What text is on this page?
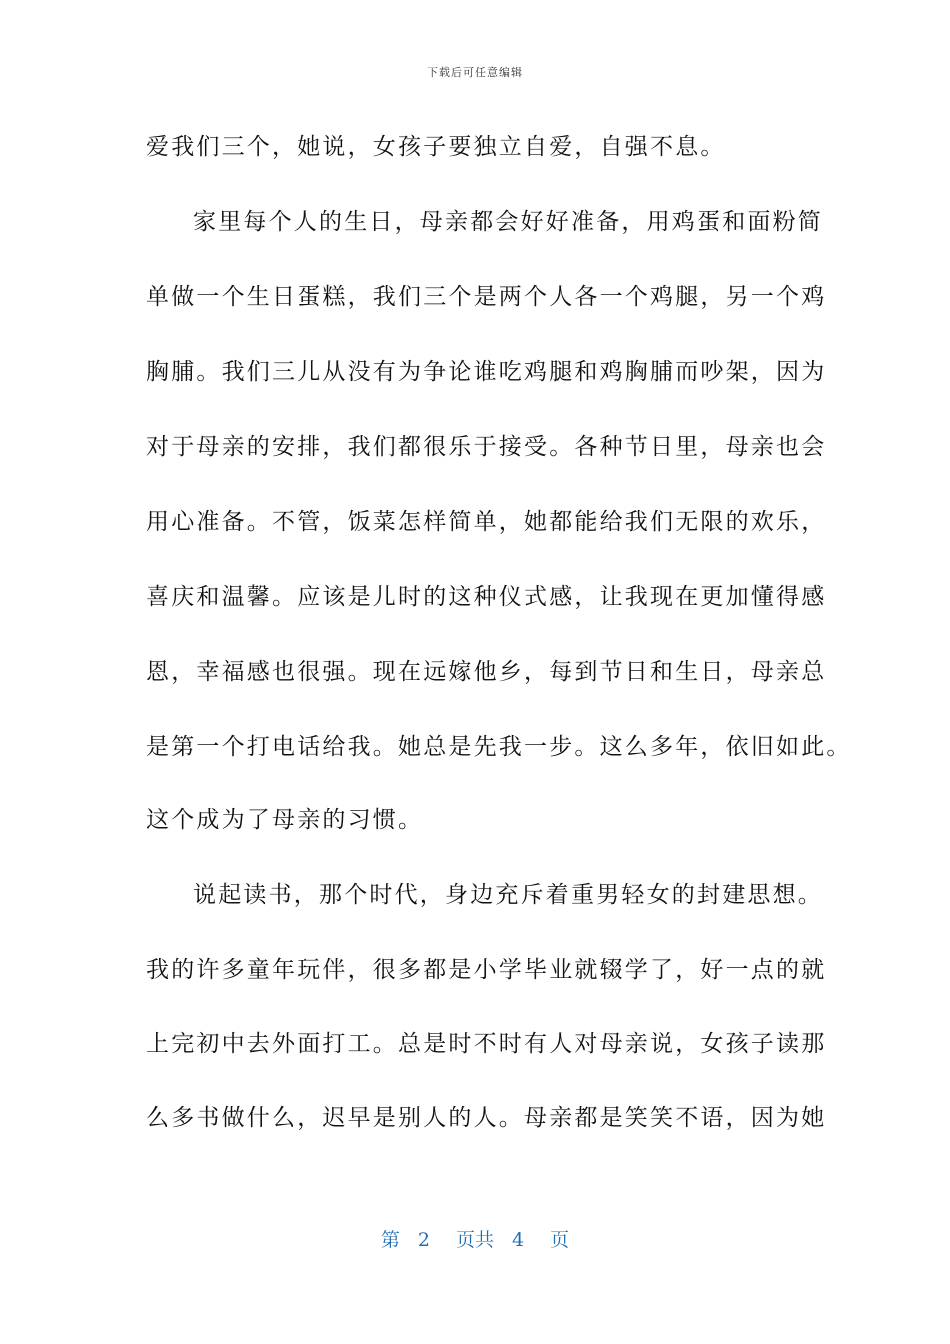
下载后可任意编辑
爱我们三个，她说，女孩子要独立自爱，自强不息。
家里每个人的生日，母亲都会好好准备，用鸡蛋和面粉简
单做一个生日蛋糕，我们三个是两个人各一个鸡腿，另一个鸡
胸脯。我们三儿从没有为争论谁吃鸡腿和鸡胸脯而吵架，因为
对于母亲的安排，我们都很乐于接受。各种节日里，母亲也会
用心准备。不管，饭菜怎样简单，她都能给我们无限的欢乐，
喜庆和温馨。应该是儿时的这种仪式感，让我现在更加懂得感
恩，幸福感也很强。现在远嫁他乡，每到节日和生日，母亲总
是第一个打电话给我。她总是先我一步。这么多年，依旧如此。
这个成为了母亲的习惯。
说起读书，那个时代，身边充斥着重男轻女的封建思想。
我的许多童年玩伴，很多都是小学毕业就辍学了，好一点的就
上完初中去外面打工。总是时不时有人对母亲说，女孩子读那
么多书做什么，迟早是别人的人。母亲都是笑笑不语，因为她
第 2 页共 4 页
